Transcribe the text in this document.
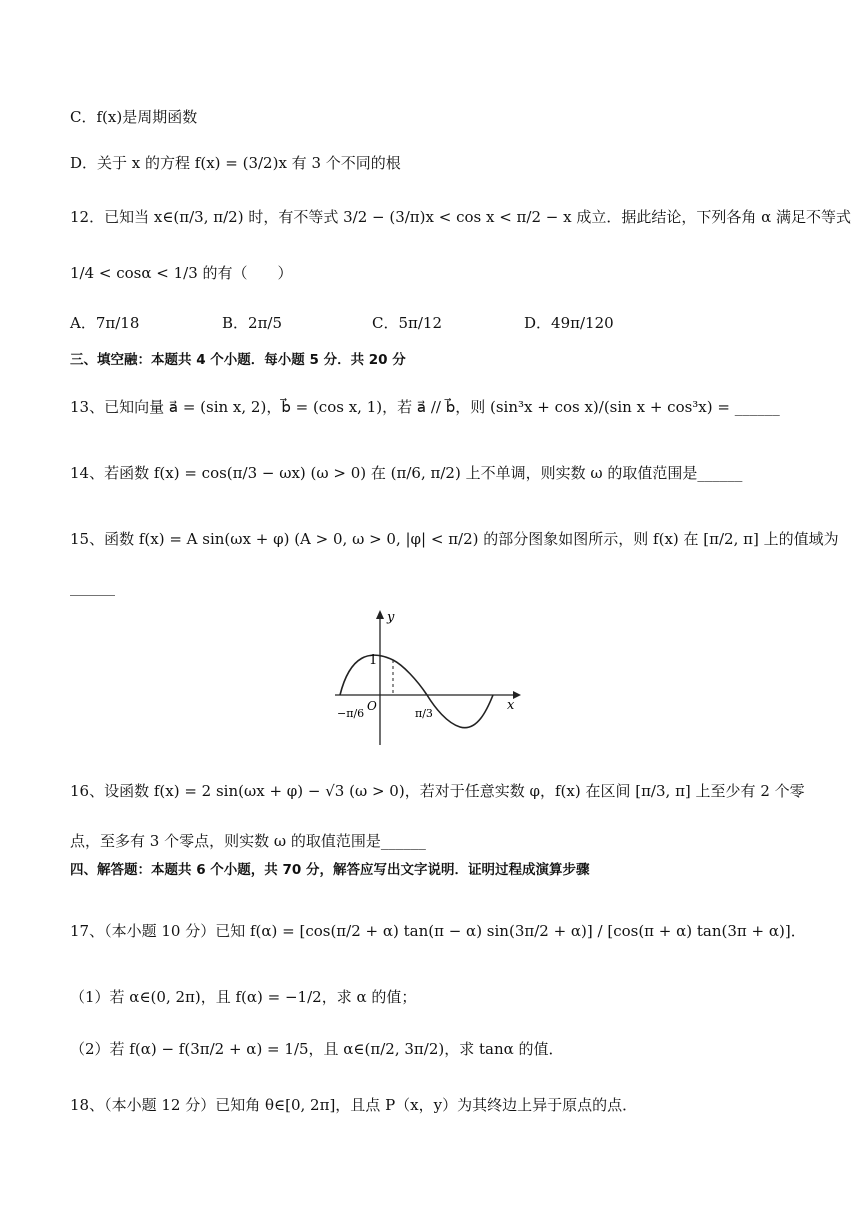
C．f(x)是周期函数
D．关于 x 的方程 f(x) = (3/2)x 有 3 个不同的根
12．已知当 x∈(π/3, π/2) 时，有不等式 3/2 − (3/π)x < cos x < π/2 − x 成立．据此结论，下列各角 α 满足不等式
1/4 < cosα < 1/3 的有（　　）
A．7π/18	B．2π/5	C．5π/12	D．49π/120
三、填空融：本题共 4 个小题．每小题 5 分．共 20 分
13、已知向量 a⃗ = (sin x, 2)，b⃗ = (cos x, 1)，若 a⃗ // b⃗，则 (sin³x + cos x)/(sin x + cos³x) = ______
14、若函数 f(x) = cos(π/3 − ωx) (ω > 0) 在 (π/6, π/2) 上不单调，则实数 ω 的取值范围是______
15、函数 f(x) = A sin(ωx + φ) (A > 0, ω > 0, |φ| < π/2) 的部分图象如图所示，则 f(x) 在 [π/2, π] 上的值域为
______
y
x
1
O
−π/6	π/3
16、设函数 f(x) = 2 sin(ωx + φ) − √3 (ω > 0)，若对于任意实数 φ，f(x) 在区间 [π/3, π] 上至少有 2 个零
点，至多有 3 个零点，则实数 ω 的取值范围是______
四、解答题：本题共 6 个小题，共 70 分，解答应写出文字说明．证明过程成演算步骤
17、（本小题 10 分）已知 f(α) = [cos(π/2 + α) tan(π − α) sin(3π/2 + α)] / [cos(π + α) tan(3π + α)]．
（1）若 α∈(0, 2π)，且 f(α) = −1/2，求 α 的值；
（2）若 f(α) − f(3π/2 + α) = 1/5，且 α∈(π/2, 3π/2)，求 tanα 的值．
18、（本小题 12 分）已知角 θ∈[0, 2π]，且点 P（x，y）为其终边上异于原点的点．
